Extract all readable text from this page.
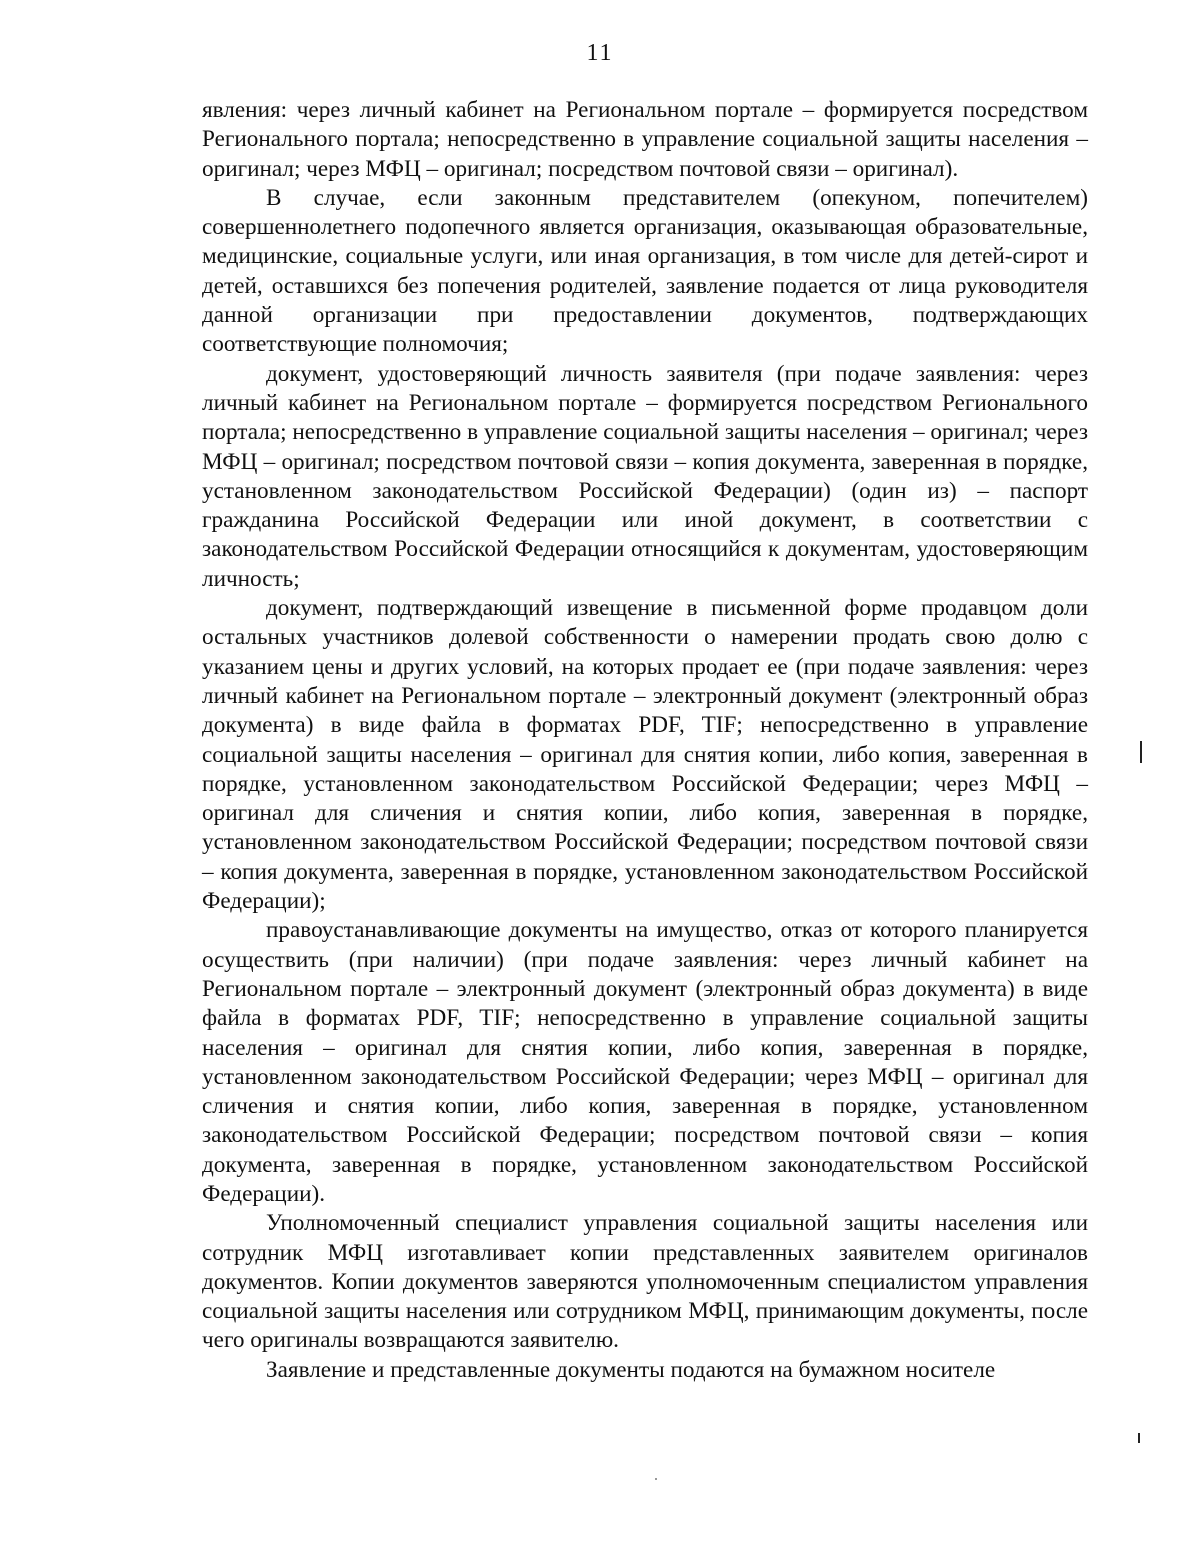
11

явления: через личный кабинет на Региональном портале – формируется посредством Регионального портала; непосредственно в управление социальной защиты населения – оригинал; через МФЦ – оригинал; посредством почтовой связи – оригинал).

В случае, если законным представителем (опекуном, попечителем) совершеннолетнего подопечного является организация, оказывающая образовательные, медицинские, социальные услуги, или иная организация, в том числе для детей-сирот и детей, оставшихся без попечения родителей, заявление подается от лица руководителя данной организации при предоставлении документов, подтверждающих соответствующие полномочия;

документ, удостоверяющий личность заявителя (при подаче заявления: через личный кабинет на Региональном портале – формируется посредством Регионального портала; непосредственно в управление социальной защиты населения – оригинал; через МФЦ – оригинал; посредством почтовой связи – копия документа, заверенная в порядке, установленном законодательством Российской Федерации) (один из) – паспорт гражданина Российской Федерации или иной документ, в соответствии с законодательством Российской Федерации относящийся к документам, удостоверяющим личность;

документ, подтверждающий извещение в письменной форме продавцом доли остальных участников долевой собственности о намерении продать свою долю с указанием цены и других условий, на которых продает ее (при подаче заявления: через личный кабинет на Региональном портале – электронный документ (электронный образ документа) в виде файла в форматах PDF, TIF; непосредственно в управление социальной защиты населения – оригинал для снятия копии, либо копия, заверенная в порядке, установленном законодательством Российской Федерации; через МФЦ – оригинал для сличения и снятия копии, либо копия, заверенная в порядке, установленном законодательством Российской Федерации; посредством почтовой связи – копия документа, заверенная в порядке, установленном законодательством Российской Федерации);

правоустанавливающие документы на имущество, отказ от которого планируется осуществить (при наличии) (при подаче заявления: через личный кабинет на Региональном портале – электронный документ (электронный образ документа) в виде файла в форматах PDF, TIF; непосредственно в управление социальной защиты населения – оригинал для снятия копии, либо копия, заверенная в порядке, установленном законодательством Российской Федерации; через МФЦ – оригинал для сличения и снятия копии, либо копия, заверенная в порядке, установленном законодательством Российской Федерации; посредством почтовой связи – копия документа, заверенная в порядке, установленном законодательством Российской Федерации).

Уполномоченный специалист управления социальной защиты населения или сотрудник МФЦ изготавливает копии представленных заявителем оригиналов документов. Копии документов заверяются уполномоченным специалистом управления социальной защиты населения или сотрудником МФЦ, принимающим документы, после чего оригиналы возвращаются заявителю.

Заявление и представленные документы подаются на бумажном носителе
